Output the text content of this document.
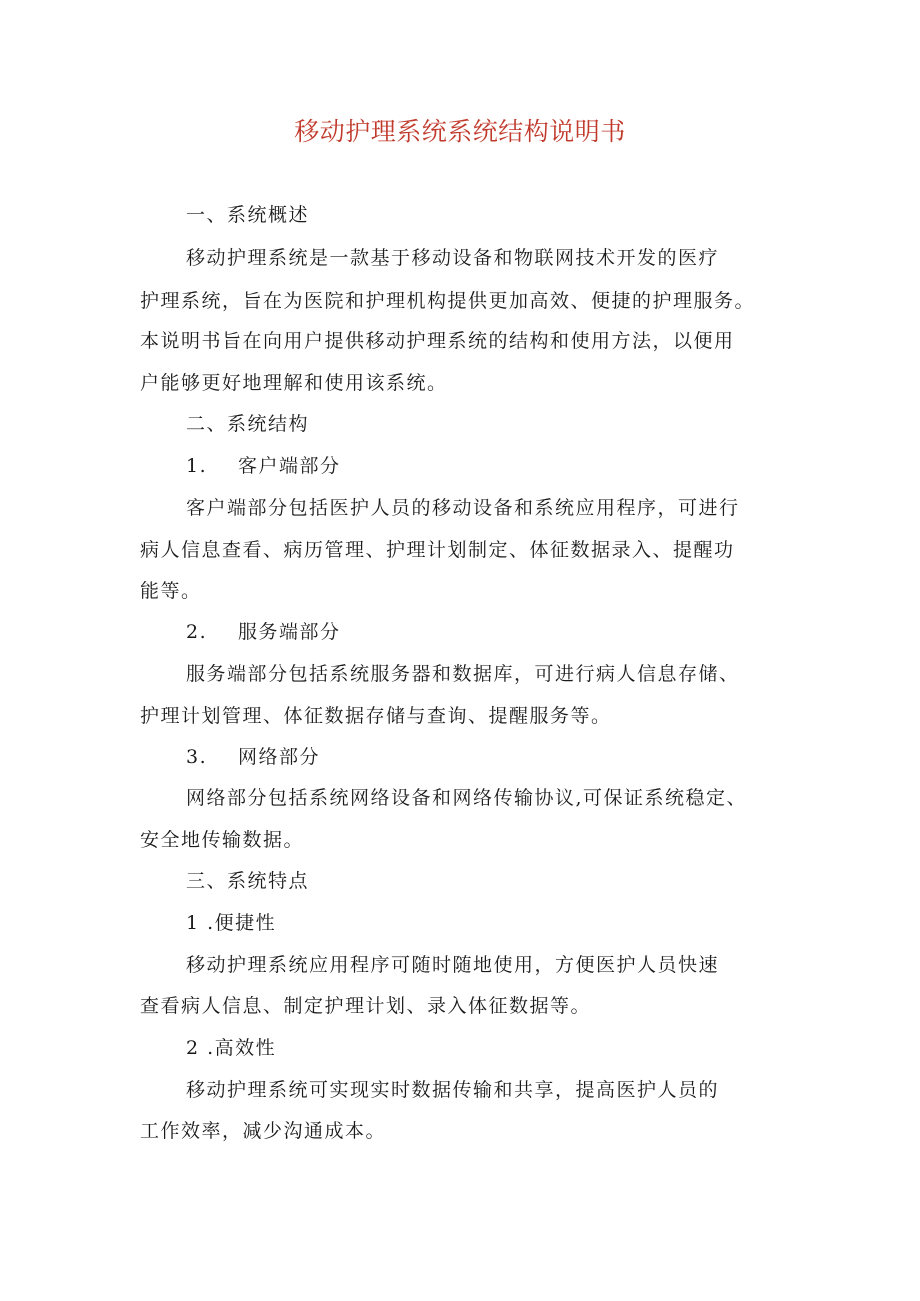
移动护理系统系统结构说明书
一、系统概述
移动护理系统是一款基于移动设备和物联网技术开发的医疗
护理系统，旨在为医院和护理机构提供更加高效、便捷的护理服务。
本说明书旨在向用户提供移动护理系统的结构和使用方法，以便用
户能够更好地理解和使用该系统。
二、系统结构
1. 客户端部分
客户端部分包括医护人员的移动设备和系统应用程序，可进行
病人信息查看、病历管理、护理计划制定、体征数据录入、提醒功
能等。
2. 服务端部分
服务端部分包括系统服务器和数据库，可进行病人信息存储、
护理计划管理、体征数据存储与查询、提醒服务等。
3. 网络部分
网络部分包括系统网络设备和网络传输协议,可保证系统稳定、
安全地传输数据。
三、系统特点
1 .便捷性
移动护理系统应用程序可随时随地使用，方便医护人员快速
查看病人信息、制定护理计划、录入体征数据等。
2 .高效性
移动护理系统可实现实时数据传输和共享，提高医护人员的
工作效率，减少沟通成本。
